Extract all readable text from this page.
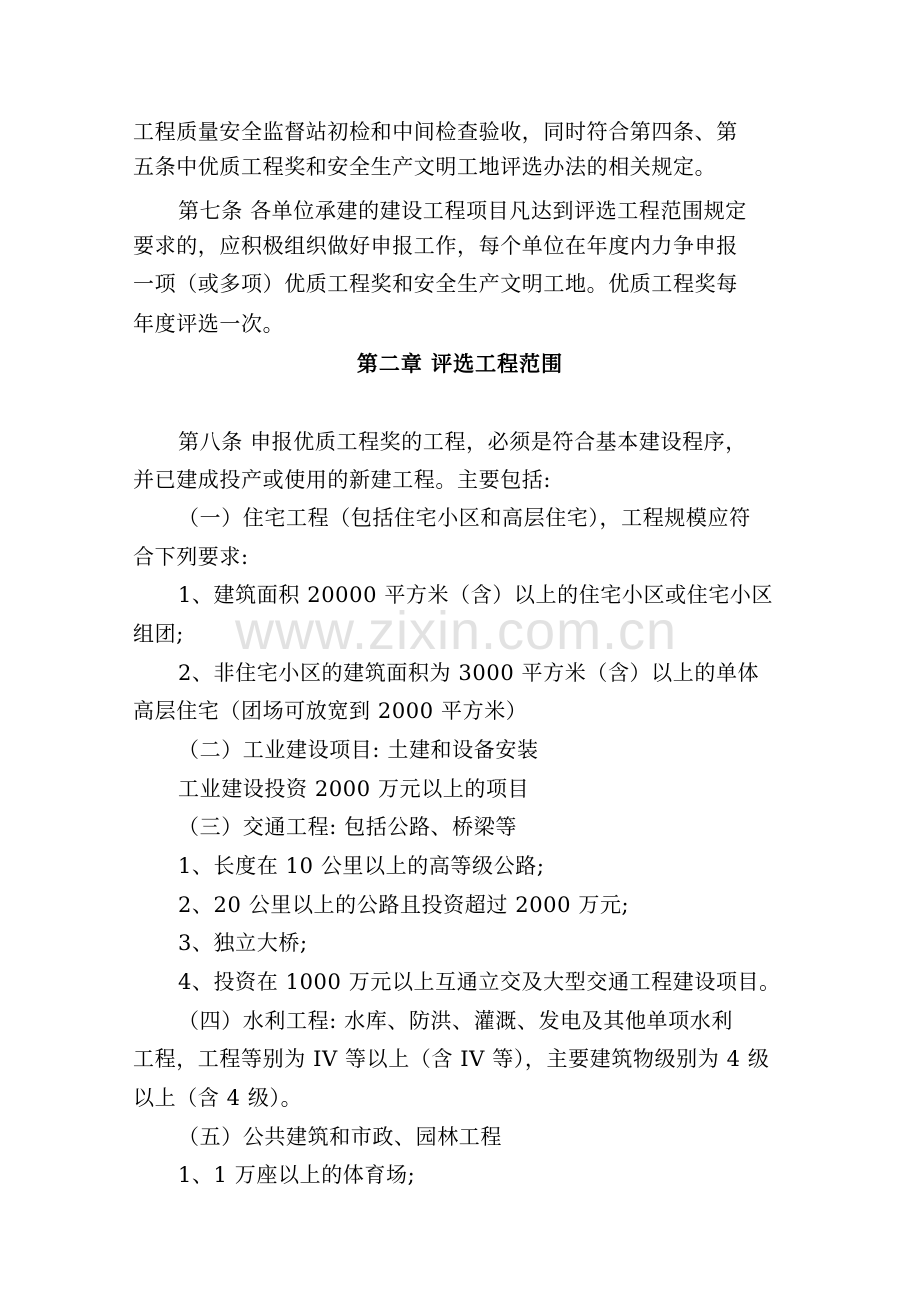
www.zixin.com.cn
工程质量安全监督站初检和中间检查验收，同时符合第四条、第
五条中优质工程奖和安全生产文明工地评选办法的相关规定。
第七条 各单位承建的建设工程项目凡达到评选工程范围规定
要求的，应积极组织做好申报工作，每个单位在年度内力争申报
一项（或多项）优质工程奖和安全生产文明工地。优质工程奖每
年度评选一次。
第二章 评选工程范围
第八条 申报优质工程奖的工程，必须是符合基本建设程序，
并已建成投产或使用的新建工程。主要包括:
（一）住宅工程（包括住宅小区和高层住宅），工程规模应符
合下列要求:
1、建筑面积 20000 平方米（含）以上的住宅小区或住宅小区
组团;
2、非住宅小区的建筑面积为 3000 平方米（含）以上的单体
高层住宅（团场可放宽到 2000 平方米）
（二）工业建设项目: 土建和设备安装
工业建设投资 2000 万元以上的项目
（三）交通工程: 包括公路、桥梁等
1、长度在 10 公里以上的高等级公路;
2、20 公里以上的公路且投资超过 2000 万元;
3、独立大桥;
4、投资在 1000 万元以上互通立交及大型交通工程建设项目。
（四）水利工程: 水库、防洪、灌溉、发电及其他单项水利
工程，工程等别为 IV 等以上（含 IV 等），主要建筑物级别为 4 级
以上（含 4 级）。
（五）公共建筑和市政、园林工程
1、1 万座以上的体育场;
